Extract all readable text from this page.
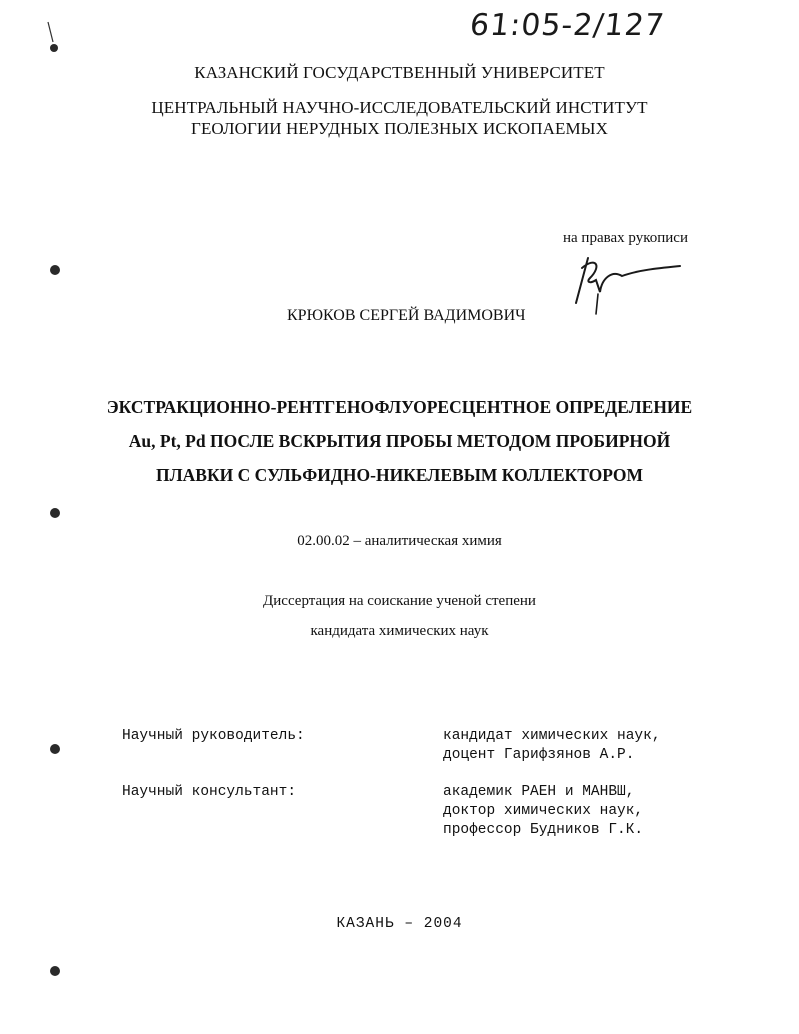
61:05-2/127
КАЗАНСКИЙ ГОСУДАРСТВЕННЫЙ УНИВЕРСИТЕТ
ЦЕНТРАЛЬНЫЙ НАУЧНО-ИССЛЕДОВАТЕЛЬСКИЙ ИНСТИТУТ
ГЕОЛОГИИ НЕРУДНЫХ ПОЛЕЗНЫХ ИСКОПАЕМЫХ
на правах рукописи
КРЮКОВ СЕРГЕЙ ВАДИМОВИЧ
ЭКСТРАКЦИОННО-РЕНТГЕНОФЛУОРЕСЦЕНТНОЕ ОПРЕДЕЛЕНИЕ
Au, Pt, Pd ПОСЛЕ ВСКРЫТИЯ ПРОБЫ МЕТОДОМ ПРОБИРНОЙ
ПЛАВКИ С СУЛЬФИДНО-НИКЕЛЕВЫМ КОЛЛЕКТОРОМ
02.00.02 – аналитическая химия
Диссертация на соискание ученой степени
кандидата химических наук
Научный руководитель:	кандидат химических наук,
доцент Гарифзянов А.Р.
Научный консультант:	академик РАЕН и МАНВШ,
доктор химических наук,
профессор Будников Г.К.
КАЗАНЬ – 2004
